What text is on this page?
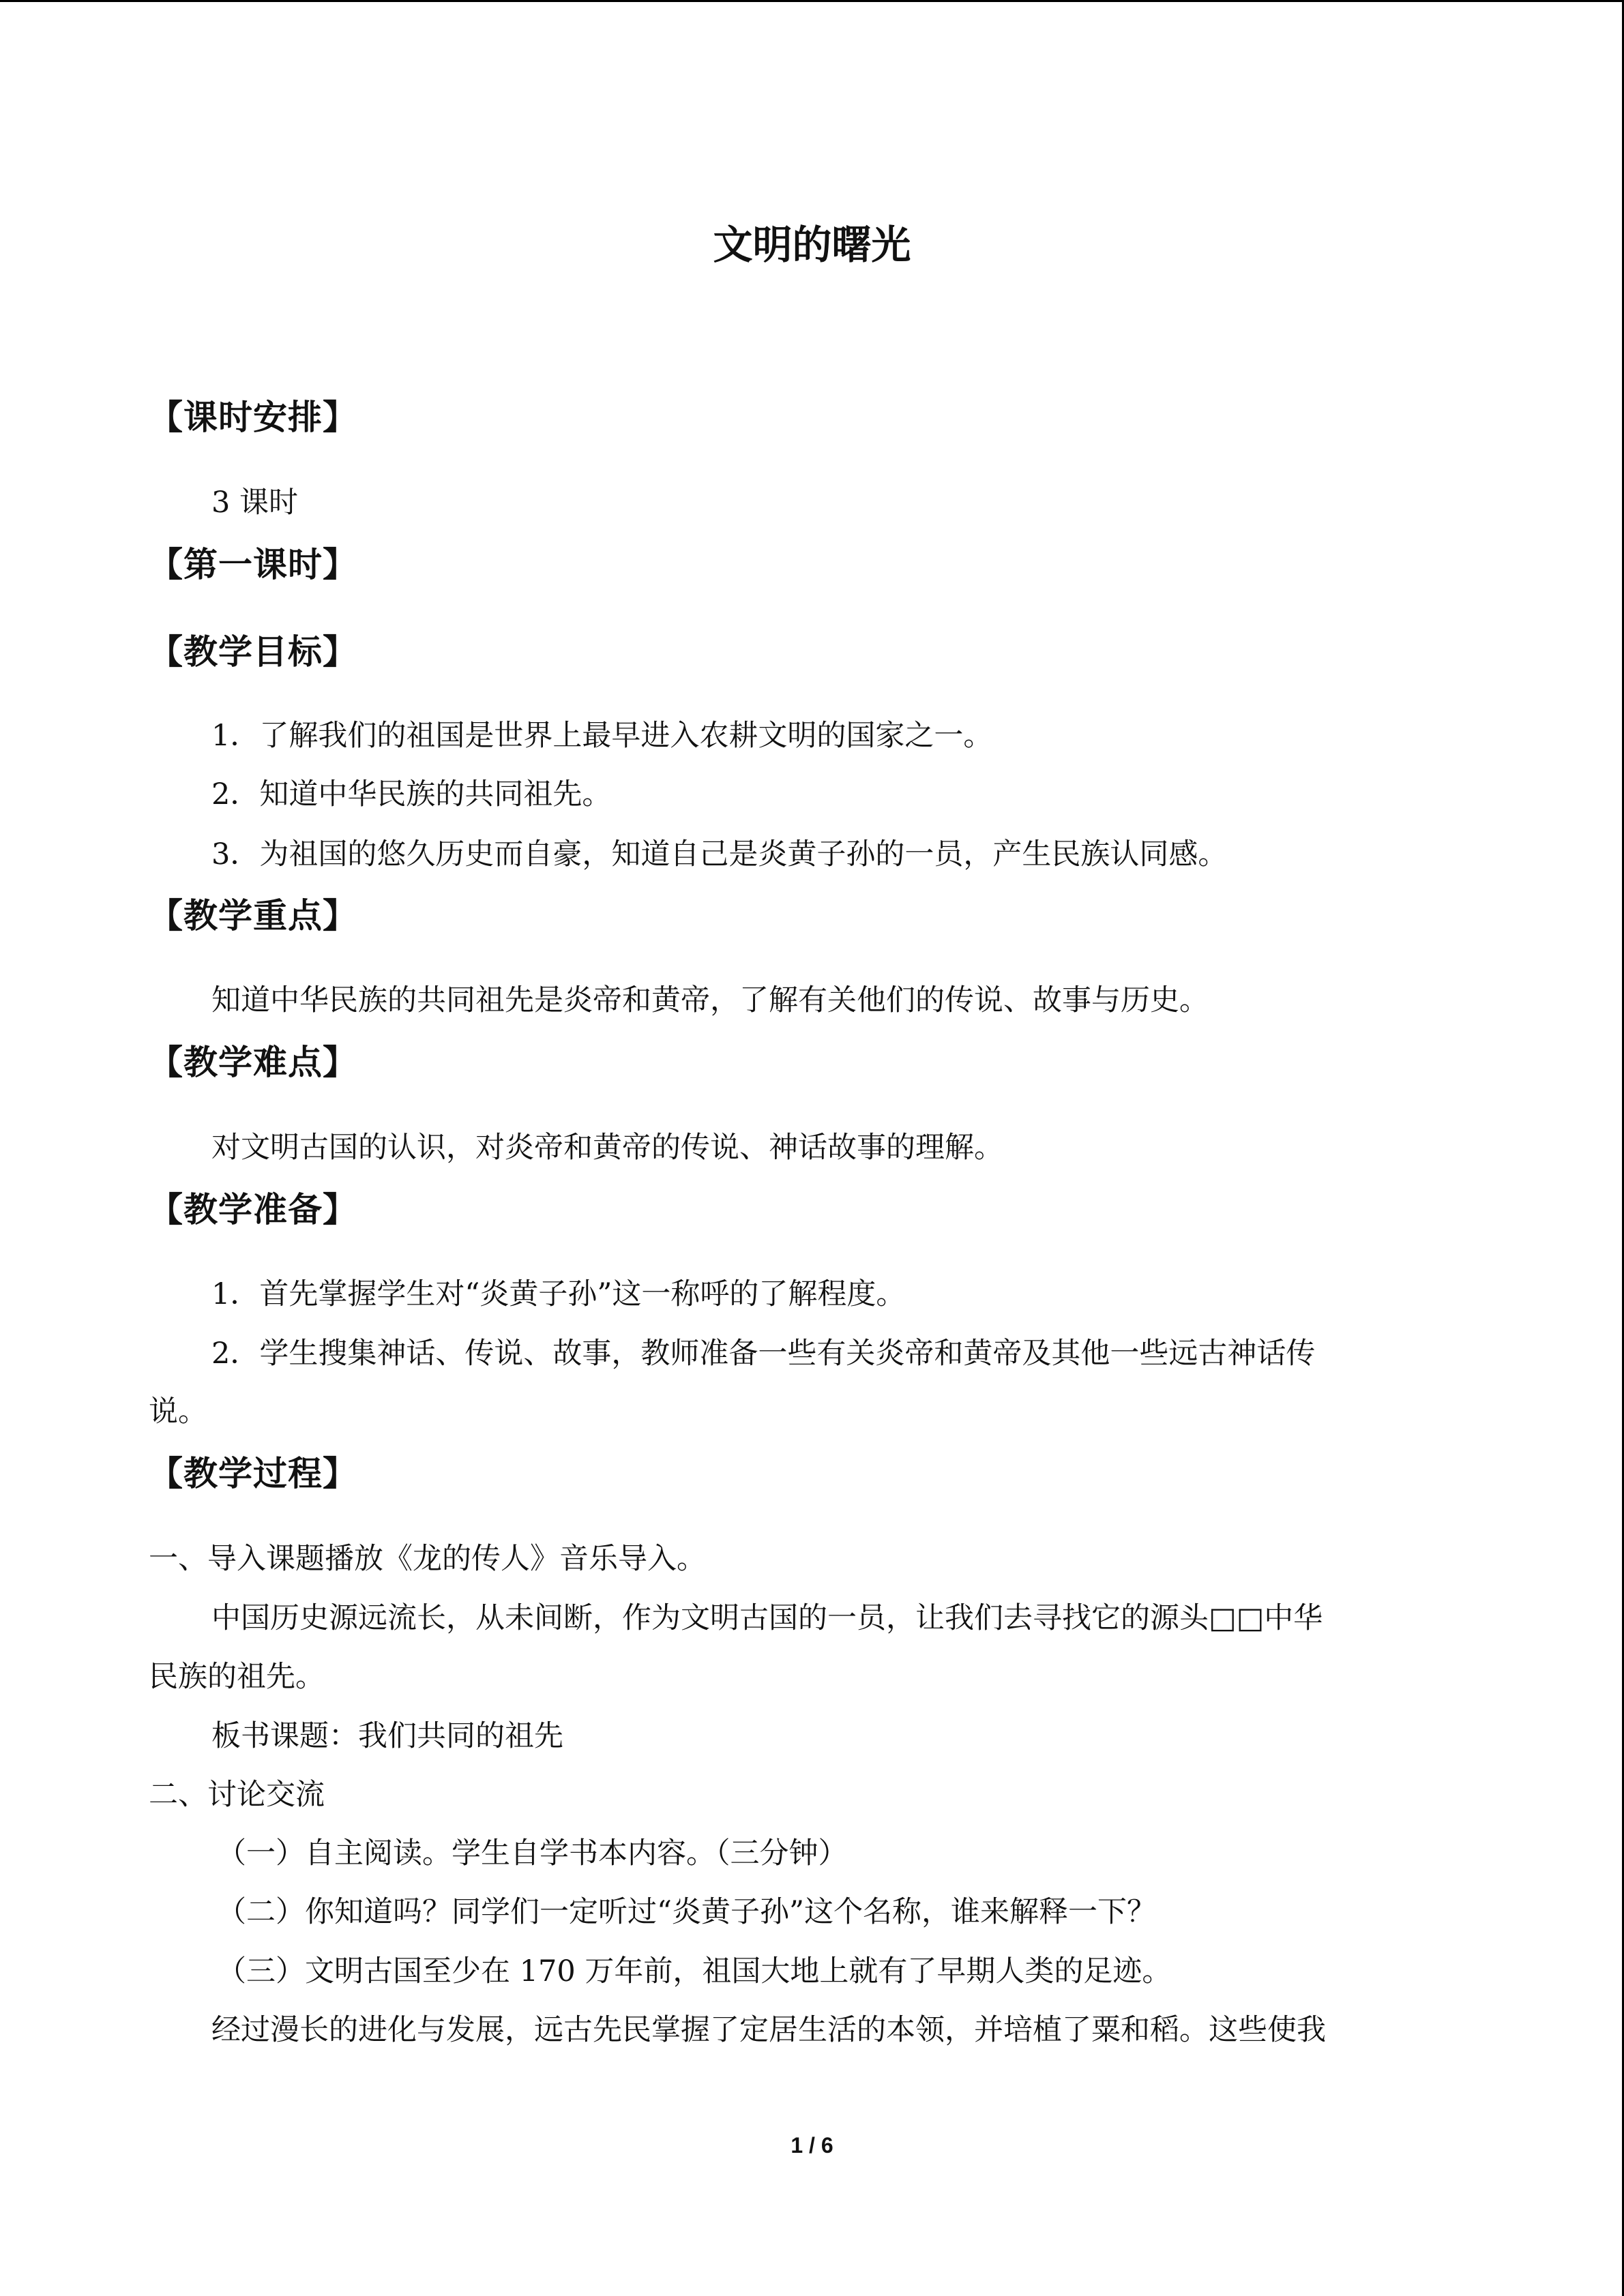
文明的曙光
【课时安排】
3 课时
【第一课时】
【教学目标】
1．了解我们的祖国是世界上最早进入农耕文明的国家之一。
2．知道中华民族的共同祖先。
3．为祖国的悠久历史而自豪，知道自己是炎黄子孙的一员，产生民族认同感。
【教学重点】
知道中华民族的共同祖先是炎帝和黄帝，了解有关他们的传说、故事与历史。
【教学难点】
对文明古国的认识，对炎帝和黄帝的传说、神话故事的理解。
【教学准备】
1．首先掌握学生对“炎黄子孙”这一称呼的了解程度。
2．学生搜集神话、传说、故事，教师准备一些有关炎帝和黄帝及其他一些远古神话传
说。
【教学过程】
一、导入课题播放《龙的传人》音乐导入。
中国历史源远流长，从未间断，作为文明古国的一员，让我们去寻找它的源头□□中华
民族的祖先。
板书课题：我们共同的祖先
二、讨论交流
（一）自主阅读。学生自学书本内容。（三分钟）
（二）你知道吗？同学们一定听过“炎黄子孙”这个名称，谁来解释一下？
（三）文明古国至少在 170 万年前，祖国大地上就有了早期人类的足迹。
经过漫长的进化与发展，远古先民掌握了定居生活的本领，并培植了粟和稻。这些使我
1 / 6
